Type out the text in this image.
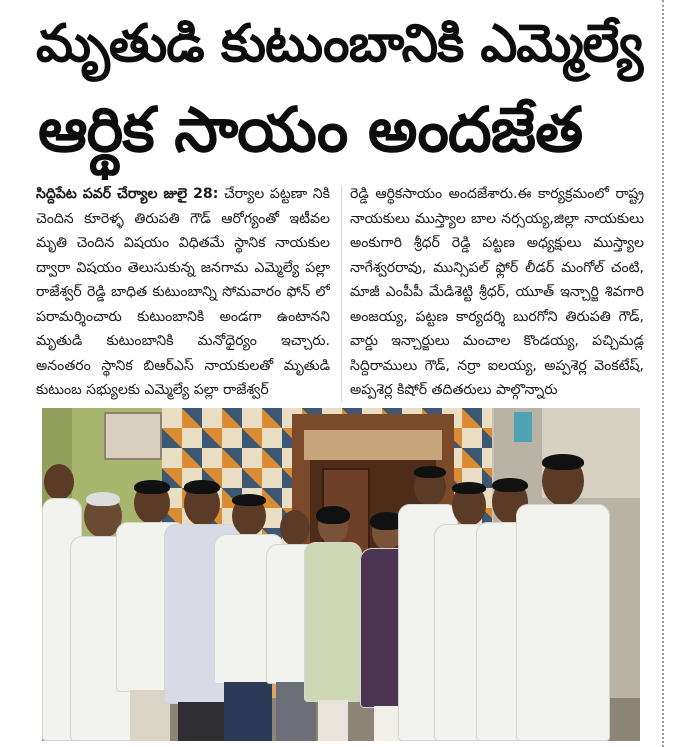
మృతుడి కుటుంబానికి ఎమ్మెల్యే
ఆర్థిక సాయం అందజేత

సిద్దిపేట పవర్ చేర్యాల జులై 28: చేర్యాల పట్టణా నికి చెందిన కూరెళ్ళ తిరుపతి గౌడ్ ఆరోగ్యంతో ఇటీవల మృతి చెందిన విషయం విధితమే స్థానిక నాయకుల ద్వారా విషయం తెలుసుకున్న జనగామ ఎమ్మెల్యే పల్లా రాజేశ్వర్ రెడ్డి బాధిత కుటుంబాన్ని సోమవారం ఫోన్ లో పరామర్శించారు కుటుంబానికి అండగా ఉంటానని మృతుడి కుటుంబానికి మనోధైర్యం ఇచ్చారు. అనంతరం స్థానిక బిఆర్ఎస్ నాయకులతో మృతుడి కుటుంబ సభ్యులకు ఎమ్మెల్యే పల్లా రాజేశ్వర్

రెడ్డి ఆర్థికసాయం అందజేశారు.ఈ కార్యక్రమంలో రాష్ట్ర నాయకులు ముస్త్యాల బాల నర్సయ్య,జిల్లా నాయకులు అంకుగారి శ్రీధర్ రెడ్డి పట్టణ అధ్యక్షులు ముస్త్యాల నాగేశ్వరరావు, మున్సిపల్ ఫ్లోర్ లీడర్ మంగోల్ చంటి, మాజీ ఎంపీపీ మేడిశెట్టి శ్రీధర్, యూత్ ఇన్చార్జి శివగారి అంజయ్య, పట్టణ కార్యదర్శి బురగోని తిరుపతి గౌడ్, వార్డు ఇన్చార్జులు మంచాల కొండయ్య, పచ్చిమడ్ల సిద్దిరాములు గౌడ్, నర్రా ఐలయ్య, అప్పశెర్ల వెంకటేష్, అప్పశెర్ల కిషోర్ తదితరులు పాల్గొన్నారు
